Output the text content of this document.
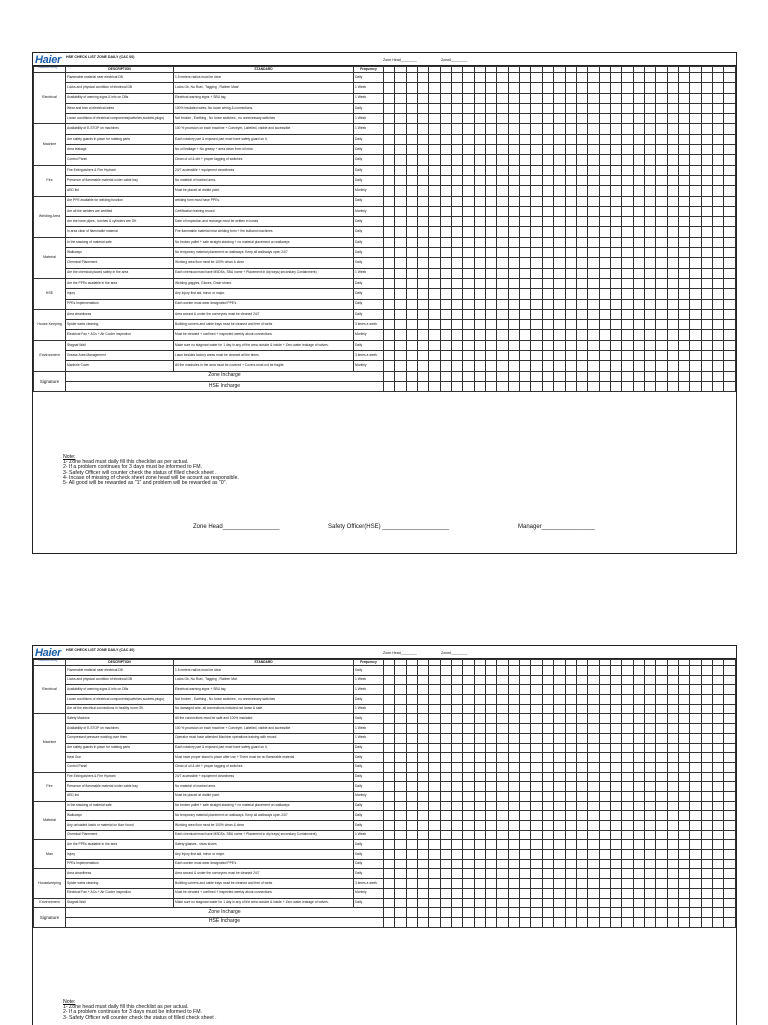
Haier
Inspired Living
HSE CHECK LIST ZONE DAILY (CAC 00)
Zone Head________	Zone#________
	DESCRIPTION	STANDARD	Frequency																															
Electrical	Flammable material near electrical DB	1.5 meters radius must be clear	Daily																															
	Locks and physical condition of electrical DB	Locks Ok, No Rust , Tagging , Rubber Mat#	1 Week																															
	Availability of warning signs & info on DBs	Electrical warning signs + SBU tag	1 Week																															
	Wear and tear of electrical wires	100% insulated wires, No loose wiring & connections.	Daily																															
	Loose conditions of electrical components(switches,sockets,plugs)	Not broken , Earthing , No loose switches , no unnecessary switches	1 Week																															
Machine	Availability of E-STOP on machines	100 % provision on each machine + Conveyer, Labelled, visible and accessible	1 Week																															
	Are safety guards in place for rotating parts	Each rotatory part & exposed part must have safety guard on it.	Daily																															
	Area leakage	No oil leakage + No greasy + area clean from oil mist.	Daily																															
	Control Panel	Clean of oil & dirt + proper tagging of switches	Daily																															
Fire	Fire Extinguishers & Fire Hydrant	24/7 accessible + equipment cleanliness	Daily																															
	Presence of flammable material under cable tray	No material of marked area.	Daily																															
	AED list	Must be placed at visible point.	Monthly																															
Welding Area	Are PPE available for welding function	welding form must have PPEs.	Daily																															
	Are all the welders are certified	Certification training record.	Monthly																															
	Are the hose pipes , torches & cylinders are OK	Date of inspection and recharge must be written in hoses	Daily																															
	In area clear of flammable material	Fire flammable material near welding form + fire bulband machines	Daily																															
Material	In the stacking of material safe	No broken pallet + safe straight stacking + no material placement on walkways	Daily																															
	Walkways	No temporary material placement on walkways. Keep all walkways open 24/7	Daily																															
	Chemical Placement	Working area floor must be 100% clean & clear	Daily																															
	Are the chemical placed safely in the area	Each chemical must have MSDSs, SBU name + Placement in dip trays( secondary Containment)	1 Week																															
HSE	Are the PPEs available in the area	Welding goggles, Gloves, Grain shoes.	Daily																															
	Injury	Any Injury first aid, minor or major.	Daily																															
	PPEs Implementation	Each worker must wear designated PPE's	Daily																															
House Keeping	Area cleanliness	Area around & under the conveyors must be cleaned 24/7	Daily																															
	Spider webs cleaning	Building corners and cable trays must be cleaned and free of webs	3 times a week																															
	Electrical Fan + ACs + Air Cooler Inspection	Must be cleaned + confined + inspected weekly about connections	Monthly																															
Environment	Stagnat Wall	Make sure no stagnant water for 1 day in any of the area outside & inside + Zero water leakage of valves.	Daily																															
	Grease Area Management	Lawn besides factory areas must be cleaned all the times	3 times a week																															
	Manhole Cover	All the manholes in the area must be covered + Covers must not be fragile.	Monthly																															
Signature	Zone Incharge																																	
	HSE Incharge																																	
Note:
1- Zone head must daily fill this checklist as per actual.
2- If a problem continues for 3 days must be informed to FM.
3- Safety Officer will counter check the status of filled check sheet .
4- Incase of missing of check sheet zone head will be acount as responsible.
5- All good will be rewarded as "1" and problem will be rewarded as "0".
Zone Head_________________	Safety Officer(HSE) ____________________	Manager________________
Haier
Inspired Living
HSE CHECK LIST ZONE DAILY (CAC 30)
Zone Head________	Zone#________
	DESCRIPTION	STANDARD	Frequency																															
Electrical	Flammable material near electrical DB	1.5 meters radius must be clear	Daily																															
	Locks and physical condition of electrical DB	Locks Ok, No Rust , Tagging , Rubber Mat	1 Week																															
	Availability of warning signs & info on DBs	Electrical warning signs + SBU tag	1 Week																															
	Loose conditions of electrical components(switches,sockets,plugs)	Not broken , Earthing , No loose switches , no unnecessary switches	Daily																															
	Are all the electrical connections in healthy norm OK	No damaged wire, all connections included not loose & safe	1 Week																															
Machine	Safety Machine	All the connections must be safe and 100% insulated	Daily																															
	Availability of E-STOP on machines	100 % provision on each machine + Conveyer, Labelled, visible and accessible	1 Week																															
	Compressed pressure working over them	Operator must have attended Machine operations training with record.	1 Week																															
	Are safety guards in place for rotating parts	Each rotatory part & exposed part must have safety guard on it.	Daily																															
	Heat Gun	Must have proper stand to place after use + There must be no flammable material	Daily																															
	Control Panel	Clean of oil & dirt + proper tagging of switches	Daily																															
Fire	Fire Extinguishers & Fire Hydrant	24/7 accessible + equipment cleanliness	Daily																															
	Presence of flammable material under cable tray	No material of marked area.	Daily																															
	AED list	Must be placed at visible point.	Monthly																															
Material	In the stacking of material safe	No broken pallet + safe straight stacking + no material placement on walkways	Daily																															
	Walkways	No temporary material placement on walkways. Keep all walkways open 24/7	Daily																															
	Any unloaded loads or material on floor found	Working area floor must be 100% clean & clear	Daily																															
	Chemical Placement	Each chemical must have MSDSs, SBU name + Placement in dip trays( secondary Containment)	1 Week																															
Man	Are the PPEs available in the area	Safety glasses , show shoes	Daily																															
	Injury	Any Injury first aid, minor or major.	Daily																															
	PPEs Implementation	Each worker must wear designated PPE's	Daily																															
Housekeeping	Area cleanliness	Area around & under the conveyors must be cleaned 24/7	Daily																															
	Spider webs cleaning	Building corners and cable trays must be cleaned and free of webs	3 times a week																															
	Electrical Fan + ACs + Air Cooler Inspection	Must be cleaned + confined + inspected weekly about connections	Monthly																															
Environment	Stagnat Wall	Make sure no stagnant water for 1 day in any of the area outside & inside + Zero water leakage of valves.	Daily																															
Signature	Zone Incharge																																	
	HSE Incharge																																	
Note:
1- Zone head must daily fill this checklist as per actual.
2- If a problem continues for 3 days must be informed to FM.
3- Safety Officer will counter check the status of filled check sheet .
